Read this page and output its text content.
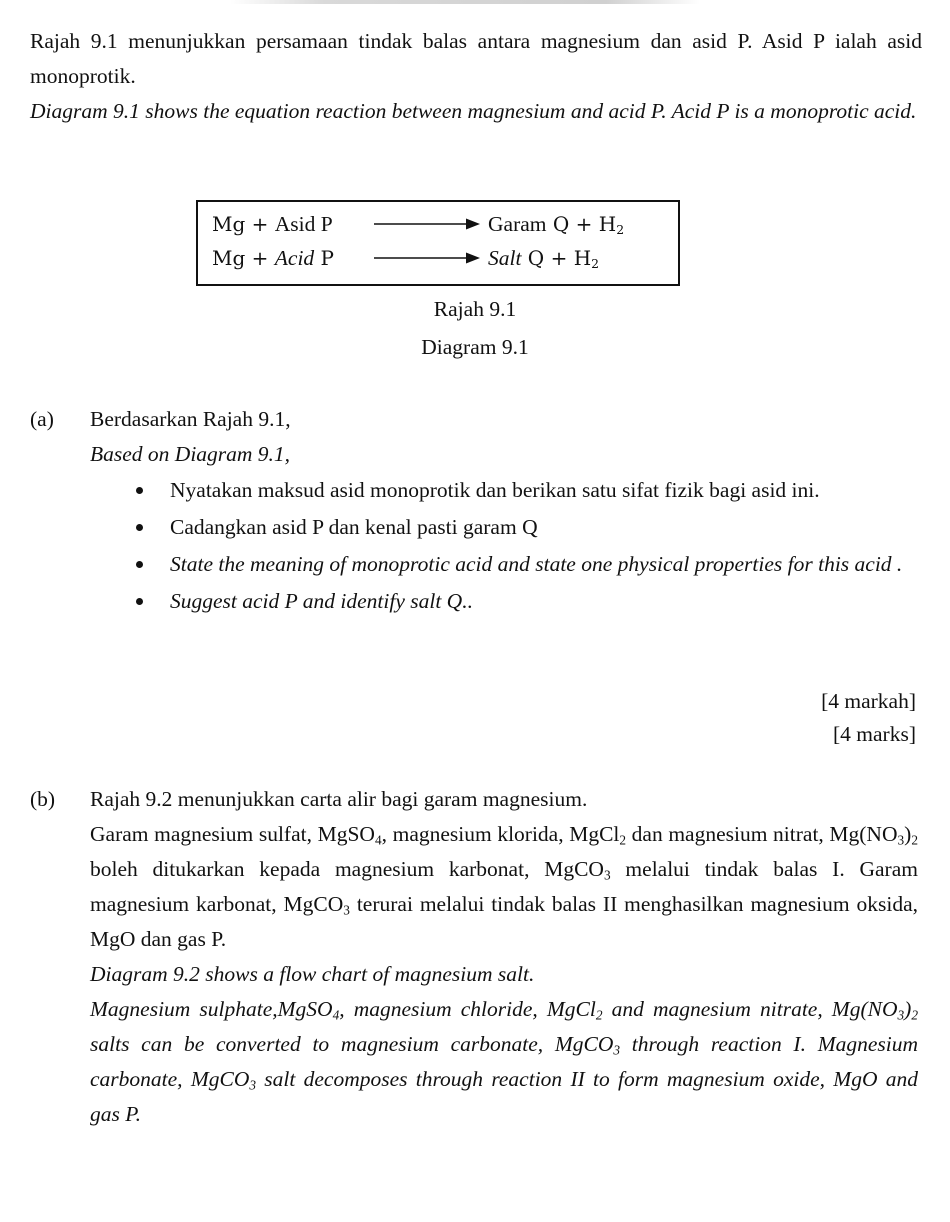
Rajah 9.1 menunjukkan persamaan tindak balas antara magnesium dan asid P. Asid P ialah asid monoprotik.
Diagram 9.1 shows the equation reaction between magnesium and acid P. Acid P is a monoprotic acid.
Mg + Asid P	Garam $Q + H_2$
Mg + Acid P	Salt $Q + H_2$
Rajah 9.1
Diagram 9.1
(a) Berdasarkan Rajah 9.1,
Based on Diagram 9.1,
Nyatakan maksud asid monoprotik dan berikan satu sifat fizik bagi asid ini.
Cadangkan asid P dan kenal pasti garam Q
State the meaning of monoprotic acid and state one physical properties for this acid .
Suggest acid P and identify salt Q..
[4 markah]
[4 marks]
(b) Rajah 9.2 menunjukkan carta alir bagi garam magnesium.
Garam magnesium sulfat, MgSO$_4$, magnesium klorida, MgCl$_2$ dan magnesium nitrat, $Mg(NO_3)_2$ boleh ditukarkan kepada magnesium karbonat, MgCO$_3$ melalui tindak balas I. Garam magnesium karbonat, MgCO$_3$ terurai melalui tindak balas II menghasilkan magnesium oksida, MgO dan gas P.
Diagram 9.2 shows a flow chart of magnesium salt.
Magnesium sulphate,MgSO$_4$, magnesium chloride, MgCl$_2$ and magnesium nitrate, $Mg(NO_3)_2$ salts can be converted to magnesium carbonate, MgCO$_3$ through reaction I. Magnesium carbonate, MgCO$_3$ salt decomposes through reaction II to form magnesium oxide, MgO and gas P.
